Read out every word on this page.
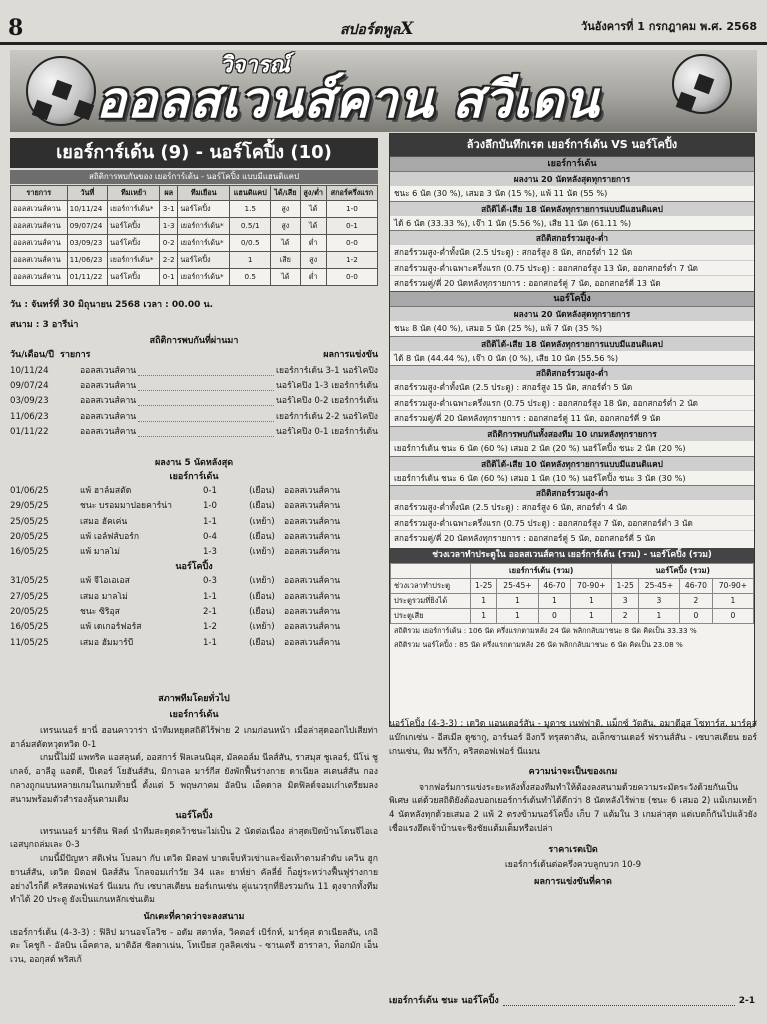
8	สปอร์ตพูลX	วันอังคารที่ 1 กรกฎาคม พ.ศ. 2568
วิจารณ์
ออลสเวนส์คาน สวีเดน
เยอร์การ์เด้น (9) - นอร์โคปิ้ง (10)
สถิติการพบกันของ เยอร์การ์เด้น - นอร์โคปิ้ง แบบมีแฮนดิแคป
รายการ	วันที่	ทีมเหย้า	ผล	ทีมเยือน	แฮนดิแคป	ได้/เสีย	สูง/ต่ำ	สกอร์ครึ่งแรก
ออลสเวนส์คาน	10/11/24	เยอร์การ์เด้น*	3-1	นอร์โคปิ้ง	1.5	สูง	ได้	1-0
ออลสเวนส์คาน	09/07/24	นอร์โคปิ้ง	1-3	เยอร์การ์เด้น*	0.5/1	สูง	ได้	0-1
ออลสเวนส์คาน	03/09/23	นอร์โคปิ้ง	0-2	เยอร์การ์เด้น*	0/0.5	ได้	ต่ำ	0-0
ออลสเวนส์คาน	11/06/23	เยอร์การ์เด้น*	2-2	นอร์โคปิ้ง	1	เสีย	สูง	1-2
ออลสเวนส์คาน	01/11/22	นอร์โคปิ้ง	0-1	เยอร์การ์เด้น*	0.5	ได้	ต่ำ	0-0
วัน : จันทร์ที่ 30 มิถุนายน 2568 เวลา : 00.00 น.
สนาม : 3 อารีน่า
สถิติการพบกันที่ผ่านมา
วัน/เดือน/ปี รายการ	ผลการแข่งขัน
10/11/24	ออลสเวนส์คาน	เยอร์การ์เด้น 3-1 นอร์โคปิ้ง
09/07/24	ออลสเวนส์คาน	นอร์โคปิ้ง 1-3 เยอร์การ์เด้น
03/09/23	ออลสเวนส์คาน	นอร์โคปิ้ง 0-2 เยอร์การ์เด้น
11/06/23	ออลสเวนส์คาน	เยอร์การ์เด้น 2-2 นอร์โคปิ้ง
01/11/22	ออลสเวนส์คาน	นอร์โคปิ้ง 0-1 เยอร์การ์เด้น
ผลงาน 5 นัดหลังสุด
เยอร์การ์เด้น
01/06/25	แพ้ ฮาล์มสตัด	0-1	(เยือน)	ออลสเวนส์คาน
29/05/25	ชนะ บรอมมาปอยคาร์น่า	1-0	(เยือน)	ออลสเวนส์คาน
25/05/25	เสมอ ฮัคเค่น	1-1	(เหย้า)	ออลสเวนส์คาน
20/05/25	แพ้ เอล์ฟส์บอร์ก	0-4	(เยือน)	ออลสเวนส์คาน
16/05/25	แพ้ มาลโม่	1-3	(เหย้า)	ออลสเวนส์คาน
นอร์โคปิ้ง
31/05/25	แพ้ จีไอเอเอส	0-3	(เหย้า)	ออลสเวนส์คาน
27/05/25	เสมอ มาลโม่	1-1	(เยือน)	ออลสเวนส์คาน
20/05/25	ชนะ ซิริอุส	2-1	(เยือน)	ออลสเวนส์คาน
16/05/25	แพ้ เดเกอร์ฟอร์ส	1-2	(เหย้า)	ออลสเวนส์คาน
11/05/25	เสมอ ฮัมมาร์บี้	1-1	(เยือน)	ออลสเวนส์คาน
ล้วงลึกบันทึกเรต เยอร์การ์เด้น VS นอร์โคปิ้ง
เยอร์การ์เด้น
ผลงาน 20 นัดหลังสุดทุกรายการ
ชนะ 6 นัด (30 %), เสมอ 3 นัด (15 %), แพ้ 11 นัด (55 %)
สถิติได้-เสีย 18 นัดหลังทุกรายการแบบมีแฮนดิแคป
ได้ 6 นัด (33.33 %), เจ๊า 1 นัด (5.56 %), เสีย 11 นัด (61.11 %)
สถิติสกอร์รวมสูง-ต่ำ
สกอร์รวมสูง-ต่ำทั้งนัด (2.5 ประตู) : สกอร์สูง 8 นัด, สกอร์ต่ำ 12 นัด
สกอร์รวมสูง-ต่ำเฉพาะครึ่งแรก (0.75 ประตู) : ออกสกอร์สูง 13 นัด, ออกสกอร์ต่ำ 7 นัด
สกอร์รวมคู่/คี่ 20 นัดหลังทุกรายการ : ออกสกอร์คู่ 7 นัด, ออกสกอร์คี่ 13 นัด
นอร์โคปิ้ง
ผลงาน 20 นัดหลังสุดทุกรายการ
ชนะ 8 นัด (40 %), เสมอ 5 นัด (25 %), แพ้ 7 นัด (35 %)
สถิติได้-เสีย 18 นัดหลังทุกรายการแบบมีแฮนดิแคป
ได้ 8 นัด (44.44 %), เจ๊า 0 นัด (0 %), เสีย 10 นัด (55.56 %)
สถิติสกอร์รวมสูง-ต่ำ
สกอร์รวมสูง-ต่ำทั้งนัด (2.5 ประตู) : สกอร์สูง 15 นัด, สกอร์ต่ำ 5 นัด
สกอร์รวมสูง-ต่ำเฉพาะครึ่งแรก (0.75 ประตู) : ออกสกอร์สูง 18 นัด, ออกสกอร์ต่ำ 2 นัด
สกอร์รวมคู่/คี่ 20 นัดหลังทุกรายการ : ออกสกอร์คู่ 11 นัด, ออกสกอร์คี่ 9 นัด
สถิติการพบกันทั้งสองทีม 10 เกมหลังทุกรายการ
เยอร์การ์เด้น ชนะ 6 นัด (60 %) เสมอ 2 นัด (20 %) นอร์โคปิ้ง ชนะ 2 นัด (20 %)
สถิติได้-เสีย 10 นัดหลังทุกรายการแบบมีแฮนดิแคป
เยอร์การ์เด้น ชนะ 6 นัด (60 %) เสมอ 1 นัด (10 %) นอร์โคปิ้ง ชนะ 3 นัด (30 %)
สถิติสกอร์รวมสูง-ต่ำ
สกอร์รวมสูง-ต่ำทั้งนัด (2.5 ประตู) : สกอร์สูง 6 นัด, สกอร์ต่ำ 4 นัด
สกอร์รวมสูง-ต่ำเฉพาะครึ่งแรก (0.75 ประตู) : ออกสกอร์สูง 7 นัด, ออกสกอร์ต่ำ 3 นัด
สกอร์รวมคู่/คี่ 20 นัดหลังทุกรายการ : ออกสกอร์คู่ 5 นัด, ออกสกอร์คี่ 5 นัด
ช่วงเวลาทำประตูใน ออลสเวนส์คาน เยอร์การ์เด้น (รวม) - นอร์โคปิ้ง (รวม)
	เยอร์การ์เด้น (รวม)				นอร์โคปิ้ง (รวม)			
ช่วงเวลาทำประตู	1-25	25-45+	46-70	70-90+	1-25	25-45+	46-70	70-90+
ประตูรวมที่ยิงได้	1	1	1	1	3	3	2	1
ประตูเสีย	1	1	0	1	2	1	0	0
สถิติรวม เยอร์การ์เด้น : 106 นัด ครึ่งแรกตามหลัง 24 นัด พลิกกลับมาชนะ 8 นัด คิดเป็น 33.33 %
สถิติรวม นอร์โคปิ้ง : 85 นัด ครึ่งแรกตามหลัง 26 นัด พลิกกลับมาชนะ 6 นัด คิดเป็น 23.08 %
สภาพทีมโดยทั่วไป
เยอร์การ์เด้น

เทรนเนอร์ ยานี่ ฮอนคาวาร่า นำทีมหยุดสถิติไร้พ่าย 2 เกมก่อนหน้า เมื่อล่าสุดออกไปเสียท่าฮาล์มสตัดหวุดหวิด 0-1

เกมนี้ไม่มี แพทริค แอสลุนด์, ออสการ์ ฟิลเลนนิอุส, มัลคอล์ม นีลส์สัน, ราสมุส ชูเลอร์, นีโน่ ชูเกลจ์, อาลีอู แอดดี, ปีเตอร์ โยฮันส์สัน, มิกาเอล มาร์กีส ยังพักฟื้นร่างกาย ดาเนียล สเตนส์สัน กองกลางถูกแบนหลายเกมในเกมท้ายนี้ ตั้งแต่ 5 พฤษภาคม อัลบิน เอ็คดาล มิดฟิลด์จอมเก๋าเตรียมลงสนามพร้อมตัวสำรองลุ้นตามเดิม

นอร์โคปิ้ง

เทรนเนอร์ มาร์ติน ฟิลด์ นำทีมสะดุดคว้าชนะไม่เป็น 2 นัดต่อเนื่อง ล่าสุดเปิดบ้านโดนจีไอเอเอสบุกถล่มเละ 0-3

เกมนี้มีปัญหา สติเฟ่น โบลมา กับ เดวิด มิตอฟ บาดเจ็บหัวเข่าและข้อเท้าตามลำดับ เควิน ฮูก ยานส์สัน, เดวิด มิตอฟ นิลส์สัน โกลจอมเก๋าวัย 34 และ ยาห์ย่า คัลลี่ย์ ก็อยู่ระหว่างฟื้นฟูร่างกาย อย่างไรก็ดี คริสตอฟเฟอร์ นีแมน กับ เซบาสเตียน ยอร์เกนเซ่น คู่แนวรุกที่ยิงรวมกัน 11 ตุงจากทั้งทีมทำได้ 20 ประตู ยังเป็นแกนหลักเช่นเดิม

นักเตะที่คาดว่าจะลงสนาม

เยอร์การ์เด้น (4-3-3) : ฟิลิป มานอจโลวิช - อดัม สตาห์ล, วิคตอร์ เบิร์กห์, มาร์คุส ดาเนียลสัน, เกอิตะ โคชูกิ - อัลบิน เอ็คดาล, มาติอัส ซิลดาเน่น, โทเบียส กูลลิคเซ่น - ซานเตรี ฮาราลา, ท็อกมัก เอ็นเวน, ออกุสต์ พริสเก้

นอร์โคปิ้ง (4-3-3) : เดวิด แอนเดอร์สัน - มูตาซ เนฟฟาติ, แม็กซ์ วัตสัน, อมาดีอุส โซทาร์ส, มาร์คุส แบ๊กเกเซ่น - อีสเมีล ดูซากู, อาร์นอร์ อิงกวี ทรุสตาสัน, อเล็กซานเดอร์ ฟรานส์สัน - เซบาสเตียน ยอร์เกนเซ่น, ทิม พรีก้า, คริสตอฟเฟอร์ นีแมน

ความน่าจะเป็นของเกม

จากฟอร์มการแข่งระยะหลังทั้งสองทีมทำให้ต้องลงสนามด้วยความระมัดระวังด้วยกันเป็นพิเศษ แต่ด้วยสถิติยังต้องบอกเยอร์การ์เด้นทำได้ดีกว่า 8 นัดหลังไร้พ่าย (ชนะ 6 เสมอ 2) แม้เกมเหย้า 4 นัดหลังทุกด้วยเสมอ 2 แพ้ 2 ตรงข้ามนอร์โคปิ้ง เก็บ 7 แต้มใน 3 เกมล่าสุด แต่เบดก็กันไปแล้วยังเชื่อแรงฮึดเจ้าบ้านจะชิงชัยแต้มเต็มหรือเปล่า

ราคาเรตเปิด
เยอร์การ์เด้นต่อครึ่งควบลูกบวก 10-9
ผลการแข่งขันที่คาด
เยอร์การ์เด้น ชนะ นอร์โคปิ้ง	2-1
